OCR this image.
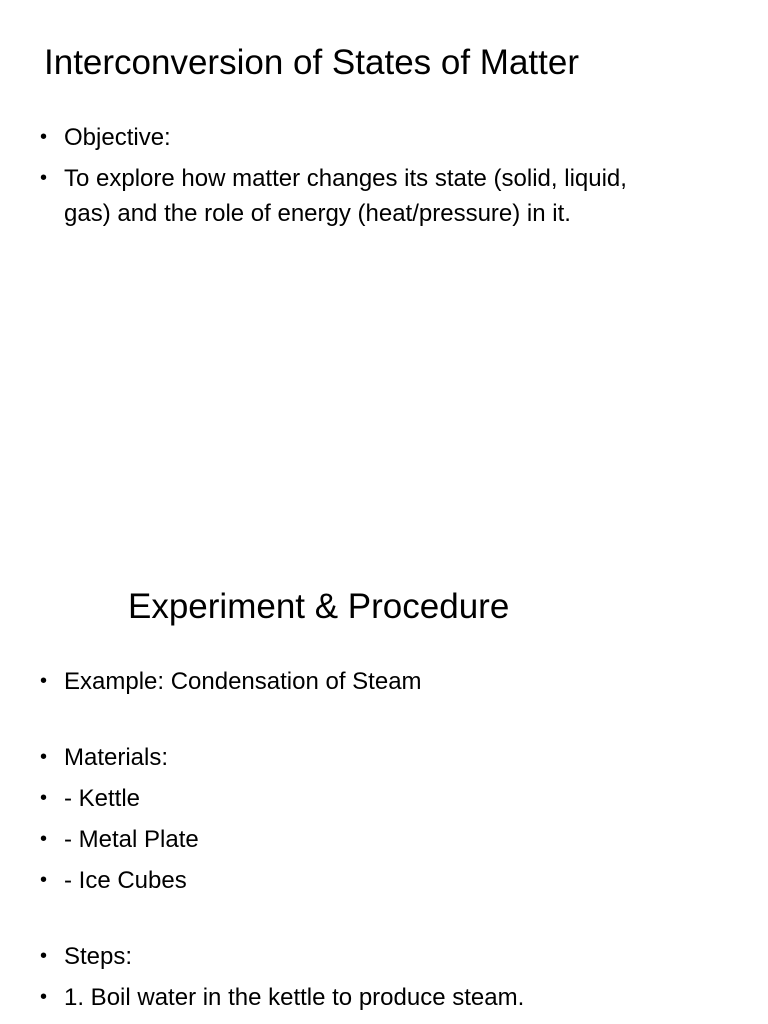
Interconversion of States of Matter
• Objective:
• To explore how matter changes its state (solid, liquid, gas) and the role of energy (heat/pressure) in it.
Experiment & Procedure
• Example: Condensation of Steam
• Materials:
• - Kettle
• - Metal Plate
• - Ice Cubes
• Steps:
• 1. Boil water in the kettle to produce steam.
